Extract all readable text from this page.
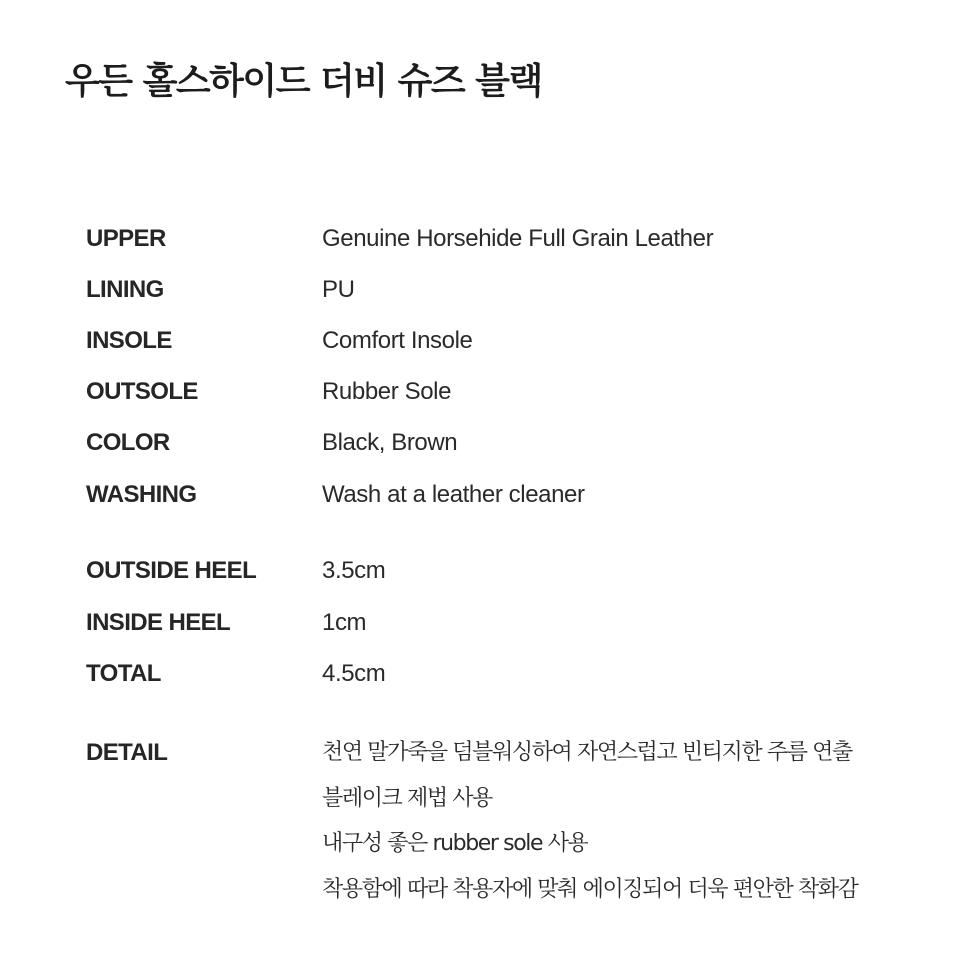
우든 홀스하이드 더비 슈즈 블랙
UPPER	Genuine Horsehide Full Grain Leather
LINING	PU
INSOLE	Comfort Insole
OUTSOLE	Rubber Sole
COLOR	Black, Brown
WASHING	Wash at a leather cleaner
OUTSIDE HEEL	3.5cm
INSIDE HEEL	1cm
TOTAL	4.5cm
DETAIL	천연 말가죽을 덤블워싱하여 자연스럽고 빈티지한 주름 연출
블레이크 제법 사용
내구성 좋은 rubber sole 사용
착용함에 따라 착용자에 맞춰 에이징되어 더욱 편안한 착화감
